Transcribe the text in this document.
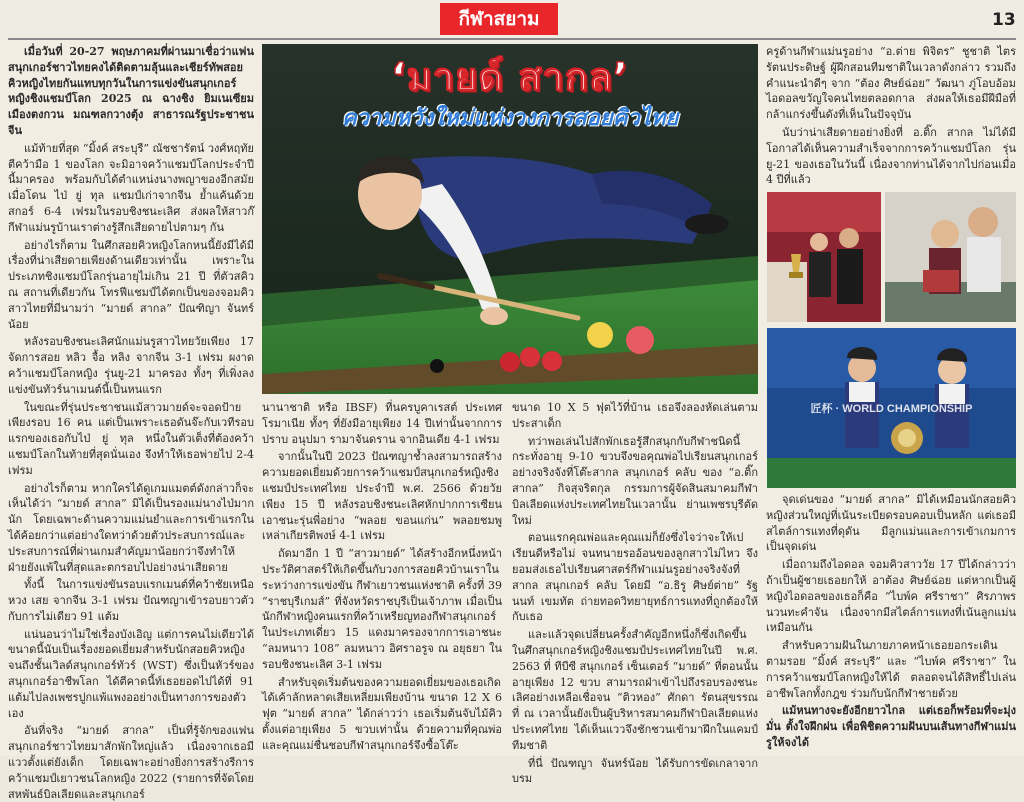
กีฬาสยาม	13

เมื่อวันที่ 20-27 พฤษภาคมที่ผ่านมาเชื่อว่าแฟนสนุกเกอร์ชาวไทยคงได้ติดตามลุ้นและเชียร์ทัพสอยคิวหญิงไทยกันแทบทุกวันในการแข่งขันสนุกเกอร์หญิงชิงแชมป์โลก 2025 ณ ฉางชิง ยิมเนเซียม เมืองตงกวน มณฑลกวางตุ้ง สาธารณรัฐประชาชนจีน

แม้ท้ายที่สุด “มิ้งค์ สระบุรี” ณัชชารัตน์ วงศ์หฤทัย ตีคว้ามือ 1 ของโลก จะมิอาจคว้าแชมป์โลกประจำปีนี้มาครอง พร้อมกับได้ตำแหน่งนางพญาของอีกสมัยเมื่อโดน ไป่ ยู่ ทุล แชมป์เก่าจากจีน ย้ำแค้นด้วยสกอร์ 6-4 เฟรมในรอบชิงชนะเลิศ ส่งผลให้สาวก๊กีฬาแม่นรูบ้านเราต่างรู้สึกเสียดายไปตามๆ กัน

อย่างไรก็ตาม ในศึกสอยคิวหญิงโลกหนนี้ยังมีได้มีเรื่องที่น่าเสียดายเพียงด้านเดียวเท่านั้น เพราะในประเภทชิงแชมป์โลกรุ่นอายุไม่เกิน 21 ปี ที่ตัวสคิว ณ สถานที่เดียวกัน โทรฟีแชมป์ได้ตกเป็นของจอมคิวสาวไทยที่มีนามว่า “มายด์ สากล” ปัณฑิญา จันทร์น้อย

หลังรอบชิงชนะเลิศนักแม่นรูสาวไทยวัยเพียง 17 จัดการสอย หลิว จื้อ หลิง จากจีน 3-1 เฟรม ผงาดคว้าแชมป์โลกหญิง รุ่นยู-21 มาครอง ทั้งๆ ที่เพิ่งลงแข่งขันทัวร์นาเมนต์นี้เป็นหนแรก

ในขณะที่รุ่นประชาชนแม้สาวมายด์จะจอดป้ายเพียงรอบ 16 คน แต่เป็นเพราะเธอดันจ๊ะกับเวทีรอบแรกของเธอกับไป่ ยู่ ทุล หนึ่งในตัวเต็งที่ต้องคว้าแชมป์โลกในท้ายที่สุดนั่นเอง จึงทำให้เธอพ่ายไป 2-4 เฟรม

อย่างไรก็ตาม หากใครได้ดูเกมแมตต์ดังกล่าวก็จะเห็นได้ว่า “มายด์ สากล” มิได้เป็นรองแม่นางไป่มากนัก โดยเฉพาะด้านความแม่นยำและการเข้าแรกในได้ค้อยกว่าแต่อย่างใดทว่าด้วยตัวประสบการณ์และประสบการณ์ที่ผ่านเกมสำคัญมาน้อยกว่าจึงทำให้ฝ่ายยังแพ้ในที่สุดและตกรอบไปอย่างน่าเสียดาย

ทั้งนี้ ในการแข่งขันรอบแรกเมนต์ที่คว้าชัยเหนือ หวง เสย จากจีน 3-1 เฟรม ปัณฑญาเข้ารอบยาวตัวกับการไม่เดียว 91 แต้ม

แน่นอนว่าไม่ใช่เรื่องบังเอิญ แต่การคนไม่เดียวได้ขนาดนี้นับเป็นเรื่องยอดเยี่ยมสำหรับนักสอยคิวหญิงจนถึงชั้นเวิลด์สนุกเกอร์ทัวร์ (WST) ซึ่งเป็นหัวร์ของสนุกเกอร์อาชีพโลก ได้ตีคาดนี้ท์เธอยอดไปได้ที่ 91 แต้มไปลงเพชรปูกแพ้แพงออย่างเป็นทางการของตัวเอง

อันที่จริง “มายด์ สากล” เป็นที่รู้จักของแฟนสนุกเกอร์ชาวไทยมาสักพักใหญ่แล้ว เนื่องจากเธอมีแววตั้งแต่ยังเด็ก โดยเฉพาะอย่างยิ่งการสร้างรีการคว้าแชมป์เยาวชนโลกหญิง 2022 (รายการที่จัดโดยสหพันธ์บิลเลียดและสนุกเกอร์

‘มายด์ สากล’
ความหวังใหม่แห่งวงการสอยคิวไทย

นานาชาติ หรือ IBSF) ที่นครบูคาเรสต์ ประเทศโรมาเนีย ทั้งๆ ที่ยังมีอายุเพียง 14 ปีเท่านั้นจากการปราบ อนุปมา รามาจันดราน จากอินเดีย 4-1 เฟรม

จากนั้นในปี 2023 ปัณฑญาช้ำลงสามารถสร้างความยอดเยี่ยมด้วยการคว้าแชมป์สนุกเกอร์หญิงชิงแชมป์ประเทศไทย ประจำปี พ.ศ. 2566 ด้วยวัยเพียง 15 ปี หลังรอบชิงชนะเลิศหักปากการเซียนเอาชนะรุ่นพี่อย่าง “พลอย ขอนแก่น” พลอยชมพู เหล่าเกียรติพงษ์ 4-1 เฟรม

ถัดมาอีก 1 ปี “สาวมายด์” ได้สร้างอีกหนึ่งหน้าประวัติศาสตร์ให้เกิดขึ้นกับวงการสอยคิวบ้านเราในระหว่างการแข่งขัน กีฬาเยาวชนแห่งชาติ ครั้งที่ 39 “ราชบุรีเกมส์” ที่จังหวัดราชบุรีเป็นเจ้าภาพ เมื่อเป็นนักกีฬาหญิงคนแรกที่คว้าเหรียญทองกีฬาสนุกเกอร์ในประเภทเดี่ยว 15 แดงมาครองจากการเอาชนะ “ลมหนาว 108” ลมหนาว อิศราอรูจ ณ อยุธยา ในรอบชิงชนะเลิศ 3-1 เฟรม

สำหรับจุดเริ่มต้นของความยอดเยี่ยมของเธอเกิดได้เค้าลักหลาดเสียเหลี่ยมเพียงบ้าน ขนาด 12 X 6 ฟุต “มายด์ สากล” ได้กล่าวว่า เธอเริ่มต้นจับไม้คิวตั้งแต่อายุเพียง 5 ขวบเท่านั้น ด้วยความที่คุณพ่อและคุณแม่ชื่นชอบกีฬาสนุกเกอร์จึงซื้อโต๊ะ

ขนาด 10 X 5 ฟุตไว้ที่บ้าน เธอจึงลองหัดเล่นตามประสาเด็ก

ทว่าพอเล่นไปสักพักเธอรู้สึกสนุกกับกีฬาชนิดนี้ กระทั่งอายุ 9-10 ขวบจึงขอคุณพ่อไปเรียนสนุกเกอร์อย่างจริงจังที่โต๊ะสากล สนุกเกอร์ คลับ ของ “อ.ติ๊ก สากล” กิจสุจริตกุล กรรมการผู้จัดสินสมาคมกีฬาบิลเลียดแห่งประเทศไทยในเวลานั้น ย่านเพชรบุรีตัดใหม่

ตอนแรกคุณพ่อและคุณแม่ก็ยังซึ่งไจว่าจะให้เปเรียนดีหรือไม่ จนทนายรออ้อนของลูกสาวไม่ไหว จึงยอมส่งเธอไปเรียนศาสตร์กีฬาแม่นรูอย่างจริงจังที่สากล สนุกเกอร์ คลับ โดยมี “อ.ธิรู ศิษย์ต่าย” รัฐนนท์ เขมทัต ถ่ายทอดวิทยายุทธ์การแทงที่ถูกต้องให้กับเธอ

และแล้วจุดเปลี่ยนครั้งสำคัญอีกหนึ่งก็ซึ่งเกิดขึ้น ในศึกสนุกเกอร์หญิงชิงแชมป์ประเทศไทยในปี พ.ศ. 2563 ที่ ทีบีซี สนุกเกอร์ เซ็นเตอร์ “มายด์” ที่ตอนนั้นอายุเพียง 12 ขวบ สามารถฝ่าเข้าไปถึงรอบรองชนะเลิศอย่างเหลือเชื่อจน “ติวหอง” ศักดา รัตนสุขรรณ ที่ ณ เวลานั้นยังเป็นผู้บริหารสมาคมกีฬาบิลเลียดแห่งประเทศไทย ได้เห็นแววจึงชักชวนเข้ามาฝึกในแคมป์ทีมชาติ

ที่นี่ ปัณฑญา จันทร์น้อย ได้รับการขัดเกลาจากบรม

ครูด้านกีฬาแม่นรูอย่าง “อ.ต่าย พิจิตร” ชูชาติ ไตรรัตนประดิษฐ์ ผู้ฝึกสอนทีมชาติในเวลาดังกล่าว รวมถึงคำแนะนำดีๆ จาก “ต้อง ศิษย์ฉ่อย” วัฒนา ภู่โอบอ้อม ไอดอลขวัญใจคนไทยตลอดกาล ส่งผลให้เธอมีฝีมือที่กล้าแกร่งขึ้นดังที่เห็นในปัจจุบัน

นับว่าน่าเสียดายอย่างยิ่งที่ อ.ติ๊ก สากล ไม่ได้มีโอกาสได้เห็นความสำเร็จจากการคว้าแชมป์โลก รุ่นยู-21 ของเธอในวันนี้ เนื่องจากท่านได้จากไปก่อนเมื่อ 4 ปีที่แล้ว

匠杯 · WORLD CHAMPIONSHIP

จุดเด่นของ “มายด์ สากล” มิได้เหมือนนักสอยคิวหญิงส่วนใหญ่ที่เน้นระเบียดรอบคอบเป็นหลัก แต่เธอมีสไตล์การแทงที่ดุดัน มีลูกแม่นและการเข้าเกมการเป็นจุดเด่น

เมื่อถามถึงไอดอล จอมคิวสาววัย 17 ปีได้กล่าวว่าถ้าเป็นผู้ชายเธอยกให้ อาต้อง ศิษย์ฉ่อย แต่หากเป็นผู้หญิงไอดอลของเธอก็คือ “ไบพ์ค ศรีราชา” ศิรภาพร นวนทะคำจัน เนื่องจากมีสไตล์การแทงที่เน้นลูกแม่นเหมือนกัน

สำหรับความฝันในภายภาคหน้าเธอยอกระเดินตามรอย “มิ้งค์ สระบุรี” และ “ไบพ์ค ศรีราชา” ในการคว้าแชมป์โลกหญิงให้ได้ ตลอดจนได้สิทธิ์ไปเล่นอาชีพโลกทั้งกฎข ร่วมกับนักกีฬาชายด้วย

แม้หนทางจะยังอีกยาวไกล แต่เธอก็พร้อมที่จะมุ่งมั่น ตั้งใจฝึกฝน เพื่อพิชิตความฝันบนเส้นทางกีฬาแม่นรูให้จงได้
